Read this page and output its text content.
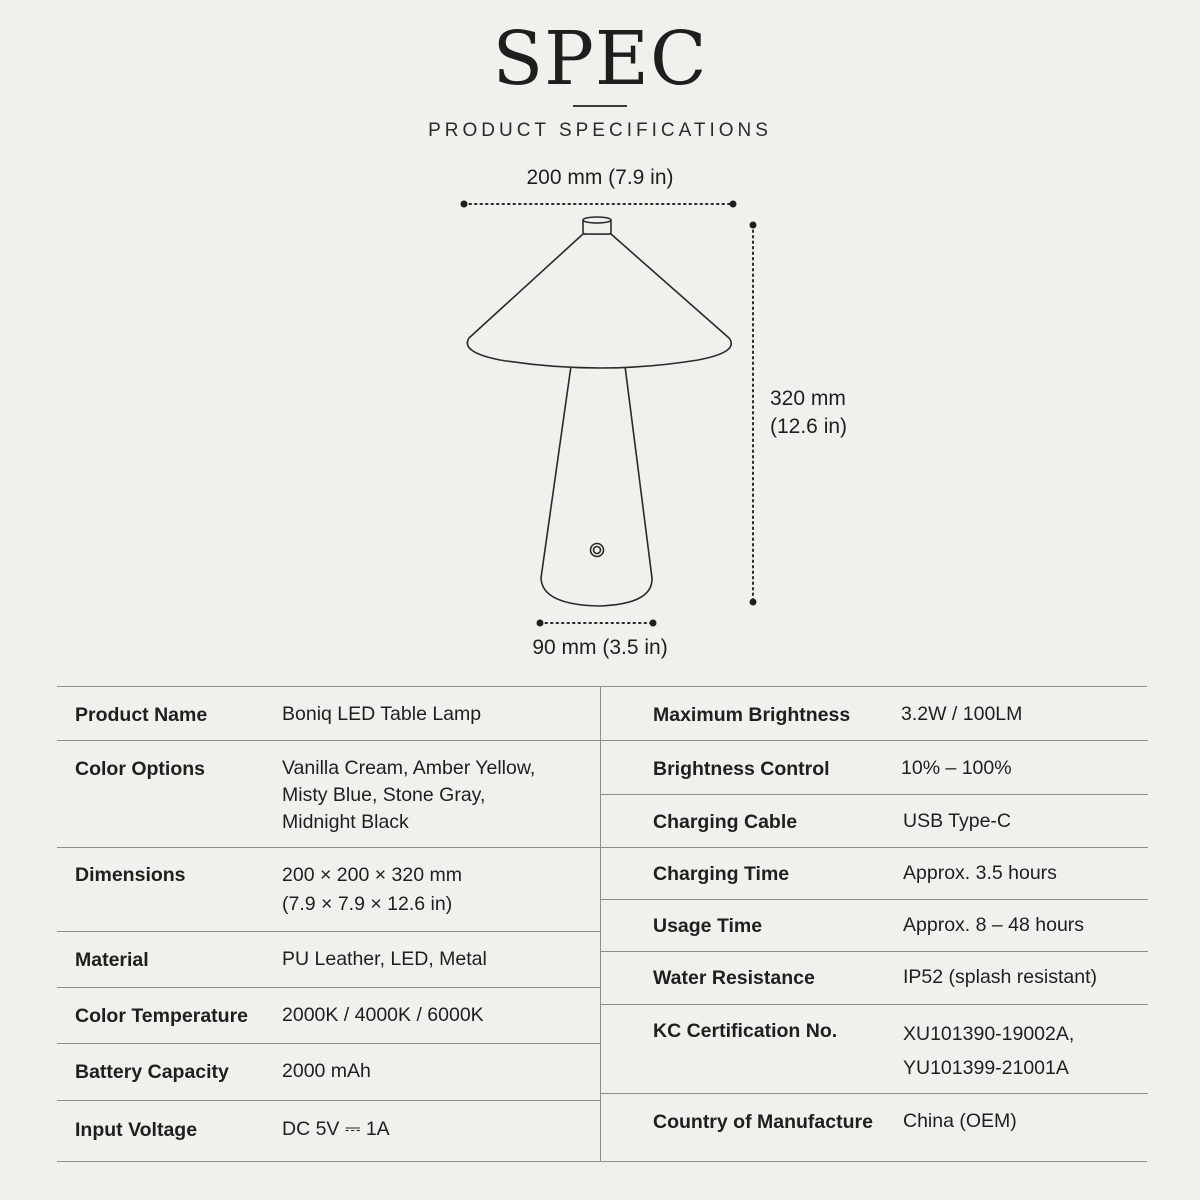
SPEC
PRODUCT SPECIFICATIONS
200 mm (7.9 in)
320 mm
(12.6 in)
90 mm (3.5 in)
Product Name	Boniq LED Table Lamp
Color Options	Vanilla Cream, Amber Yellow,
Misty Blue, Stone Gray,
Midnight Black
Dimensions	200 × 200 × 320 mm
(7.9 × 7.9 × 12.6 in)
Material	PU Leather, LED, Metal
Color Temperature 2000K / 4000K / 6000K
Battery Capacity	2000 mAh
Input Voltage	DC 5V ⎓ 1A
Maximum Brightness	3.2W / 100LM
Brightness Control	10% – 100%
Charging Cable	USB Type-C
Charging Time	Approx. 3.5 hours
Usage Time	Approx. 8 – 48 hours
Water Resistance	IP52 (splash resistant)
KC Certification No.	XU101390-19002A,
YU101399-21001A
Country of Manufacture China (OEM)
